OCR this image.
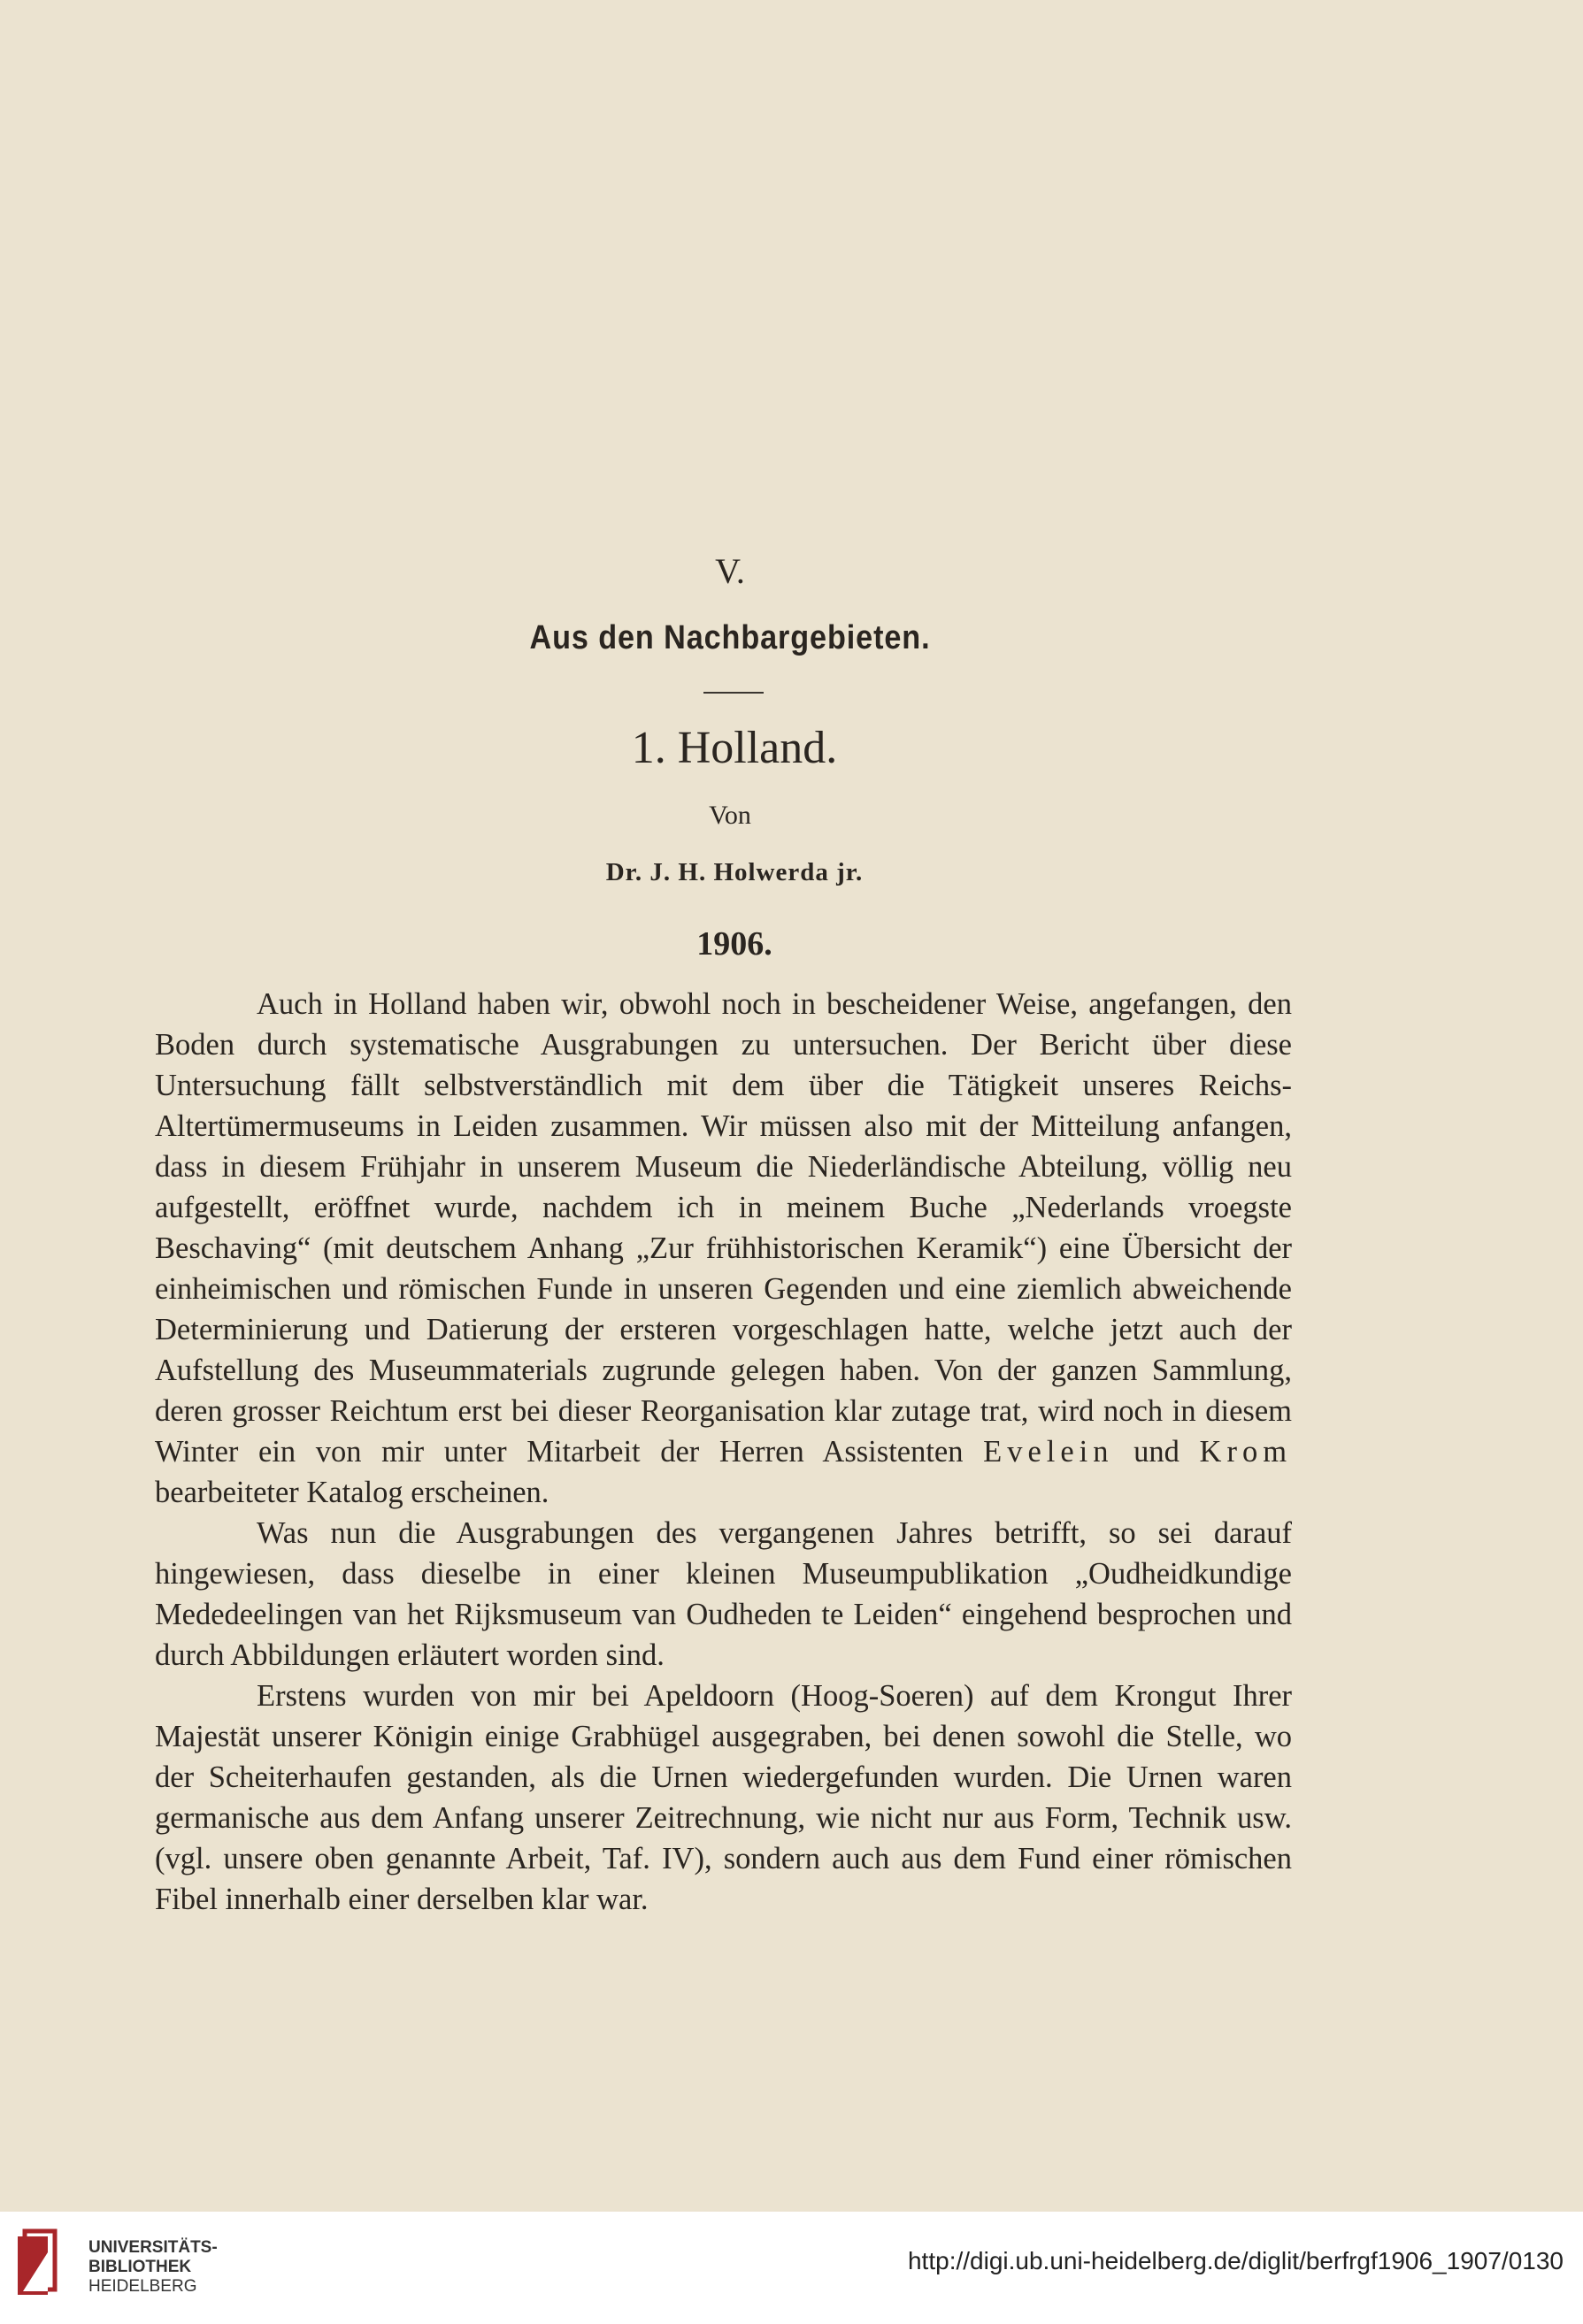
V.
Aus den Nachbargebieten.
1. Holland.
Von
Dr. J. H. Holwerda jr.
1906.

Auch in Holland haben wir, obwohl noch in bescheidener Weise, angefangen, den Boden durch systematische Ausgrabungen zu untersuchen. Der Bericht über diese Untersuchung fällt selbstverständlich mit dem über die Tätigkeit unseres Reichs-Altertümermuseums in Leiden zusammen. Wir müssen also mit der Mitteilung anfangen, dass in diesem Frühjahr in unserem Museum die Niederländische Abteilung, völlig neu aufgestellt, eröffnet wurde, nachdem ich in meinem Buche „Nederlands vroegste Beschaving“ (mit deutschem Anhang „Zur frühhistorischen Keramik“) eine Übersicht der einheimischen und römischen Funde in unseren Gegenden und eine ziemlich abweichende Determinierung und Datierung der ersteren vorgeschlagen hatte, welche jetzt auch der Aufstellung des Museummaterials zugrunde gelegen haben. Von der ganzen Sammlung, deren grosser Reichtum erst bei dieser Reorganisation klar zutage trat, wird noch in diesem Winter ein von mir unter Mitarbeit der Herren Assistenten Evelein und Krom bearbeiteter Katalog erscheinen.

Was nun die Ausgrabungen des vergangenen Jahres betrifft, so sei darauf hingewiesen, dass dieselbe in einer kleinen Museumpublikation „Oudheidkundige Mededeelingen van het Rijksmuseum van Oudheden te Leiden“ eingehend besprochen und durch Abbildungen erläutert worden sind.

Erstens wurden von mir bei Apeldoorn (Hoog-Soeren) auf dem Krongut Ihrer Majestät unserer Königin einige Grabhügel ausgegraben, bei denen sowohl die Stelle, wo der Scheiterhaufen gestanden, als die Urnen wiedergefunden wurden. Die Urnen waren germanische aus dem Anfang unserer Zeitrechnung, wie nicht nur aus Form, Technik usw. (vgl. unsere oben genannte Arbeit, Taf. IV), sondern auch aus dem Fund einer römischen Fibel innerhalb einer derselben klar war.

UNIVERSITÄTS-
BIBLIOTHEK
HEIDELBERG
http://digi.ub.uni-heidelberg.de/diglit/berfrgf1906_1907/0130
